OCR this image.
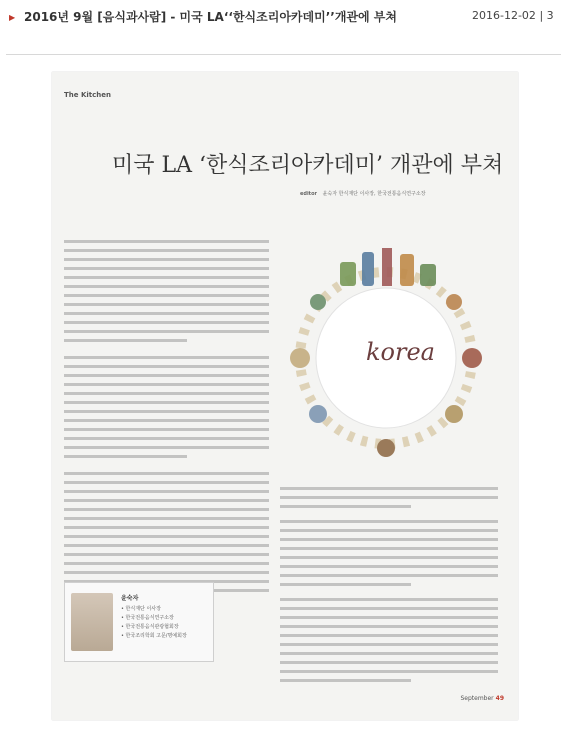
▶ 2016년 9월 [음식과사람] - 미국 LA‘‘한식조리아카데미’’개관에 부쳐	2016-12-02 | 3
The Kitchen
미국 LA ‘한식조리아카데미’ 개관에 부쳐
editor 윤숙자 한식재단 이사장, 한국전통음식연구소장
korea
윤숙자
• 한식재단 이사장
• 한국전통음식연구소장
• 한국전통음식관광협회장
• 한국조리학회 고문/명예회장
September 49
